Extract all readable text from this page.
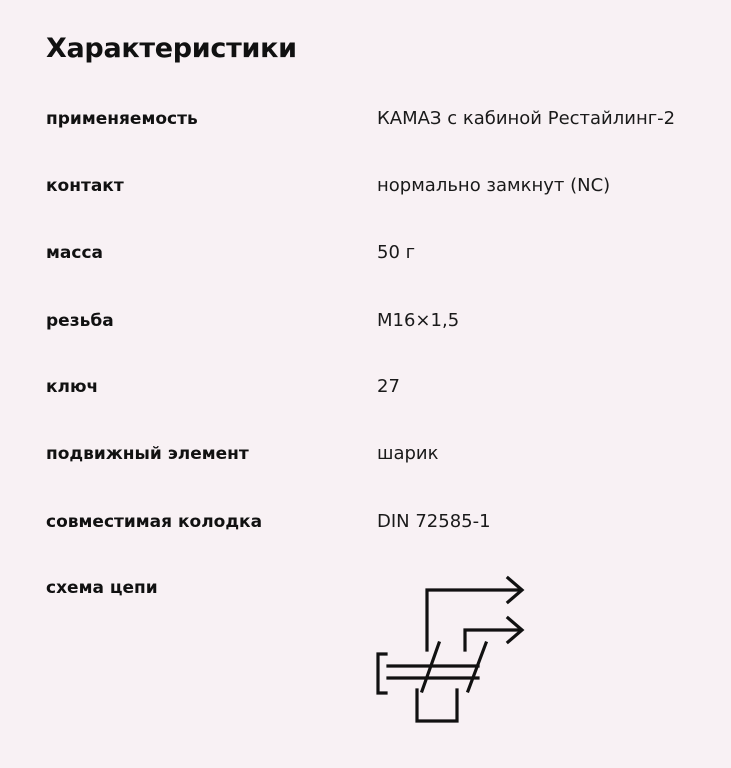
Характеристики
применяемость	КАМАЗ с кабиной Рестайлинг-2
контакт	нормально замкнут (NC)
масса	50 г
резьба	М16×1,5
ключ	27
подвижный элемент	шарик
совместимая колодка	DIN 72585-1
схема цепи
